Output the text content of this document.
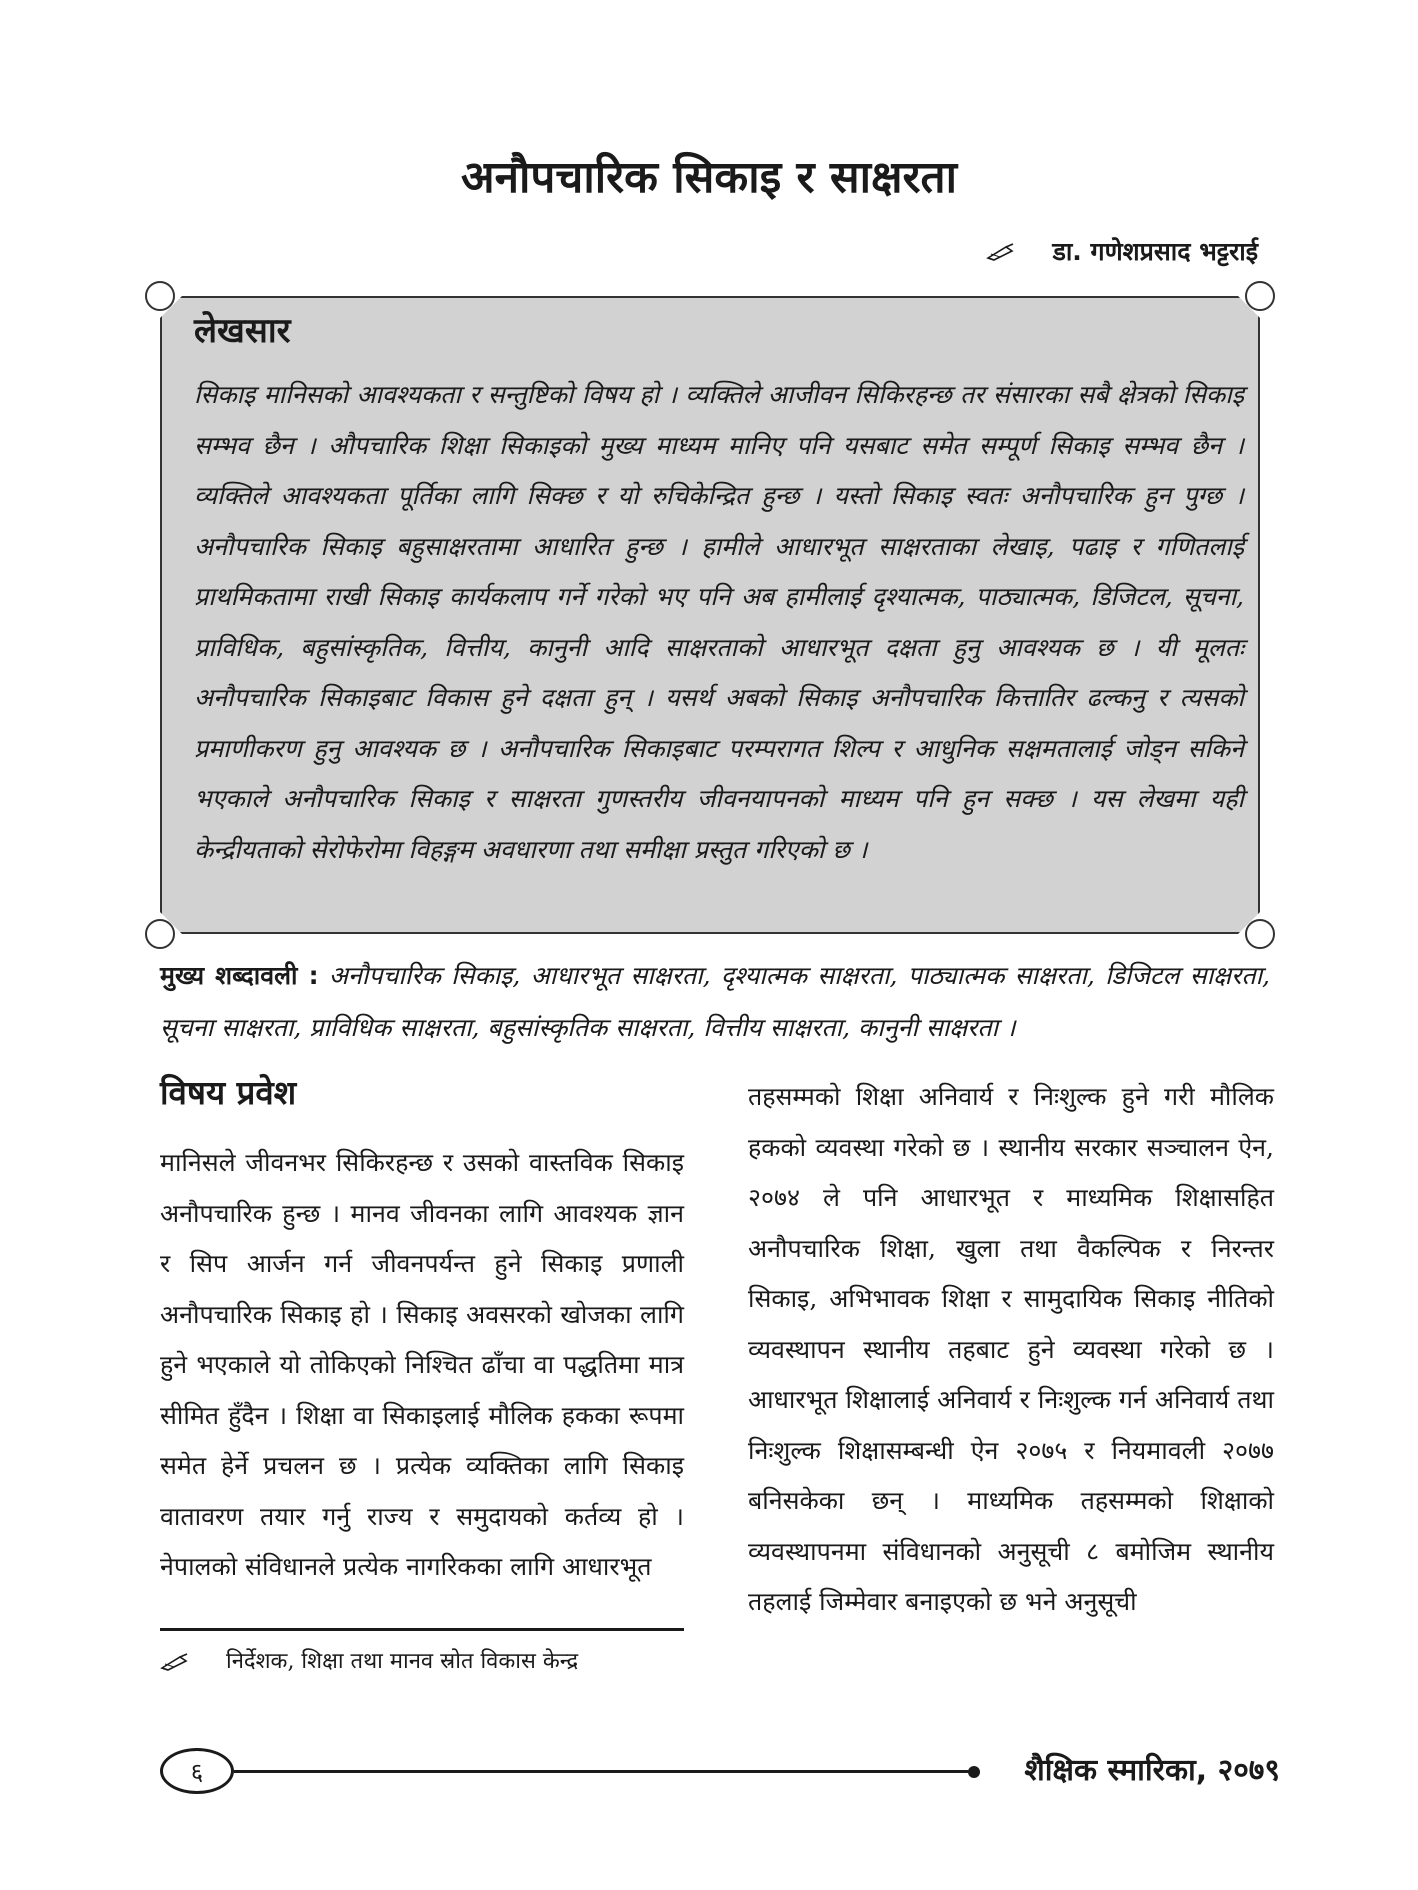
अनौपचारिक सिकाइ र साक्षरता
डा. गणेशप्रसाद भट्टराई
लेखसार

सिकाइ मानिसको आवश्यकता र सन्तुष्टिको विषय हो । व्यक्तिले आजीवन सिकिरहन्छ तर संसारका सबै क्षेत्रको सिकाइ सम्भव छैन । औपचारिक शिक्षा सिकाइको मुख्य माध्यम मानिए पनि यसबाट समेत सम्पूर्ण सिकाइ सम्भव छैन । व्यक्तिले आवश्यकता पूर्तिका लागि सिक्छ र यो रुचिकेन्द्रित हुन्छ । यस्तो सिकाइ स्वतः अनौपचारिक हुन पुग्छ । अनौपचारिक सिकाइ बहुसाक्षरतामा आधारित हुन्छ । हामीले आधारभूत साक्षरताका लेखाइ, पढाइ र गणितलाई प्राथमिकतामा राखी सिकाइ कार्यकलाप गर्ने गरेको भए पनि अब हामीलाई दृश्यात्मक, पाठ्यात्मक, डिजिटल, सूचना, प्राविधिक, बहुसांस्कृतिक, वित्तीय, कानुनी आदि साक्षरताको आधारभूत दक्षता हुनु आवश्यक छ । यी मूलतः अनौपचारिक सिकाइबाट विकास हुने दक्षता हुन् । यसर्थ अबको सिकाइ अनौपचारिक कित्तातिर ढल्कनु र त्यसको प्रमाणीकरण हुनु आवश्यक छ । अनौपचारिक सिकाइबाट परम्परागत शिल्प र आधुनिक सक्षमतालाई जोड्न सकिने भएकाले अनौपचारिक सिकाइ र साक्षरता गुणस्तरीय जीवनयापनको माध्यम पनि हुन सक्छ । यस लेखमा यही केन्द्रीयताको सेरोफेरोमा विहङ्गम अवधारणा तथा समीक्षा प्रस्तुत गरिएको छ ।

मुख्य शब्दावली : अनौपचारिक सिकाइ, आधारभूत साक्षरता, दृश्यात्मक साक्षरता, पाठ्यात्मक साक्षरता, डिजिटल साक्षरता, सूचना साक्षरता, प्राविधिक साक्षरता, बहुसांस्कृतिक साक्षरता, वित्तीय साक्षरता, कानुनी साक्षरता ।

विषय प्रवेश

मानिसले जीवनभर सिकिरहन्छ र उसको वास्तविक सिकाइ अनौपचारिक हुन्छ । मानव जीवनका लागि आवश्यक ज्ञान र सिप आर्जन गर्न जीवनपर्यन्त हुने सिकाइ प्रणाली अनौपचारिक सिकाइ हो । सिकाइ अवसरको खोजका लागि हुने भएकाले यो तोकिएको निश्चित ढाँचा वा पद्धतिमा मात्र सीमित हुँदैन । शिक्षा वा सिकाइलाई मौलिक हकका रूपमा समेत हेर्ने प्रचलन छ । प्रत्येक व्यक्तिका लागि सिकाइ वातावरण तयार गर्नु राज्य र समुदायको कर्तव्य हो । नेपालको संविधानले प्रत्येक नागरिकका लागि आधारभूत

तहसम्मको शिक्षा अनिवार्य र निःशुल्क हुने गरी मौलिक हकको व्यवस्था गरेको छ । स्थानीय सरकार सञ्चालन ऐन, २०७४ ले पनि आधारभूत र माध्यमिक शिक्षासहित अनौपचारिक शिक्षा, खुला तथा वैकल्पिक र निरन्तर सिकाइ, अभिभावक शिक्षा र सामुदायिक सिकाइ नीतिको व्यवस्थापन स्थानीय तहबाट हुने व्यवस्था गरेको छ । आधारभूत शिक्षालाई अनिवार्य र निःशुल्क गर्न अनिवार्य तथा निःशुल्क शिक्षासम्बन्धी ऐन २०७५ र नियमावली २०७७ बनिसकेका छन् । माध्यमिक तहसम्मको शिक्षाको व्यवस्थापनमा संविधानको अनुसूची ८ बमोजिम स्थानीय तहलाई जिम्मेवार बनाइएको छ भने अनुसूची

निर्देशक, शिक्षा तथा मानव स्रोत विकास केन्द्र
६	शैक्षिक स्मारिका, २०७९
